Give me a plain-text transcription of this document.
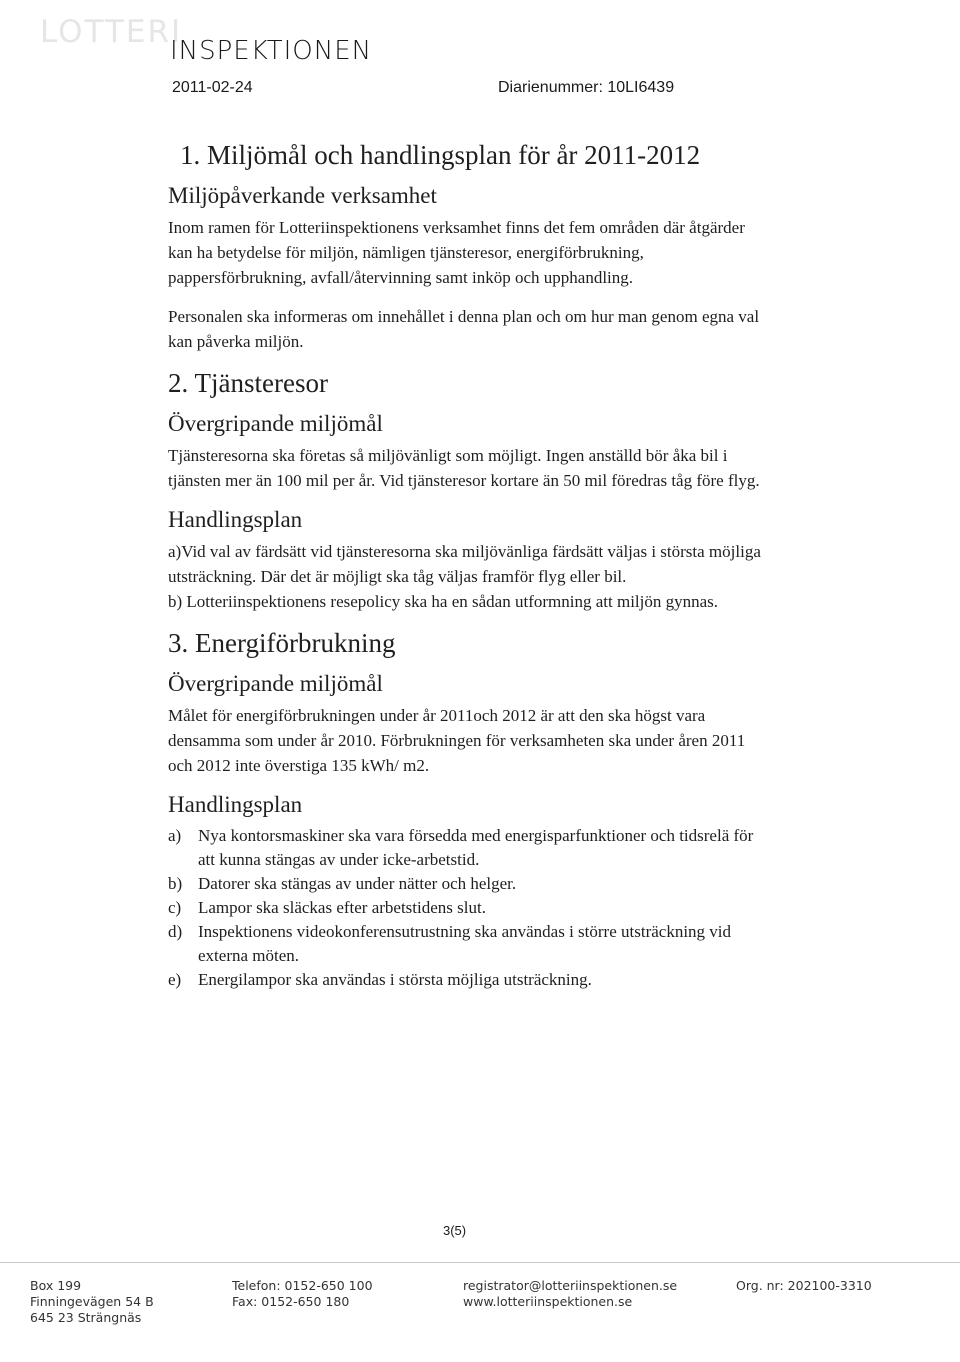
LOTTERI
INSPEKTIONEN
2011-02-24	Diarienummer: 10LI6439
1. Miljömål och handlingsplan för år 2011-2012
Miljöpåverkande verksamhet

Inom ramen för Lotteriinspektionens verksamhet finns det fem områden där åtgärder kan ha betydelse för miljön, nämligen tjänsteresor, energiförbrukning, pappersförbrukning, avfall/återvinning samt inköp och upphandling.

Personalen ska informeras om innehållet i denna plan och om hur man genom egna val kan påverka miljön.

2. Tjänsteresor
Övergripande miljömål

Tjänsteresorna ska företas så miljövänligt som möjligt. Ingen anställd bör åka bil i tjänsten mer än 100 mil per år. Vid tjänsteresor kortare än 50 mil föredras tåg före flyg.

Handlingsplan

a)Vid val av färdsätt vid tjänsteresorna ska miljövänliga färdsätt väljas i största möjliga utsträckning. Där det är möjligt ska tåg väljas framför flyg eller bil.

b) Lotteriinspektionens resepolicy ska ha en sådan utformning att miljön gynnas.

3. Energiförbrukning
Övergripande miljömål

Målet för energiförbrukningen under år 2011och 2012 är att den ska högst vara densamma som under år 2010. Förbrukningen för verksamheten ska under åren 2011 och 2012 inte överstiga 135 kWh/ m2.

Handlingsplan
a) Nya kontorsmaskiner ska vara försedda med energisparfunktioner och tidsrelä för att kunna stängas av under icke-arbetstid.
b) Datorer ska stängas av under nätter och helger.
c) Lampor ska släckas efter arbetstidens slut.
d) Inspektionens videokonferensutrustning ska användas i större utsträckning vid externa möten.
e) Energilampor ska användas i största möjliga utsträckning.
3(5)
Box 199
Finningevägen 54 B
645 23 Strängnäs
Telefon: 0152-650 100
Fax: 0152-650 180
registrator@lotteriinspektionen.se
www.lotteriinspektionen.se
Org. nr: 202100-3310
